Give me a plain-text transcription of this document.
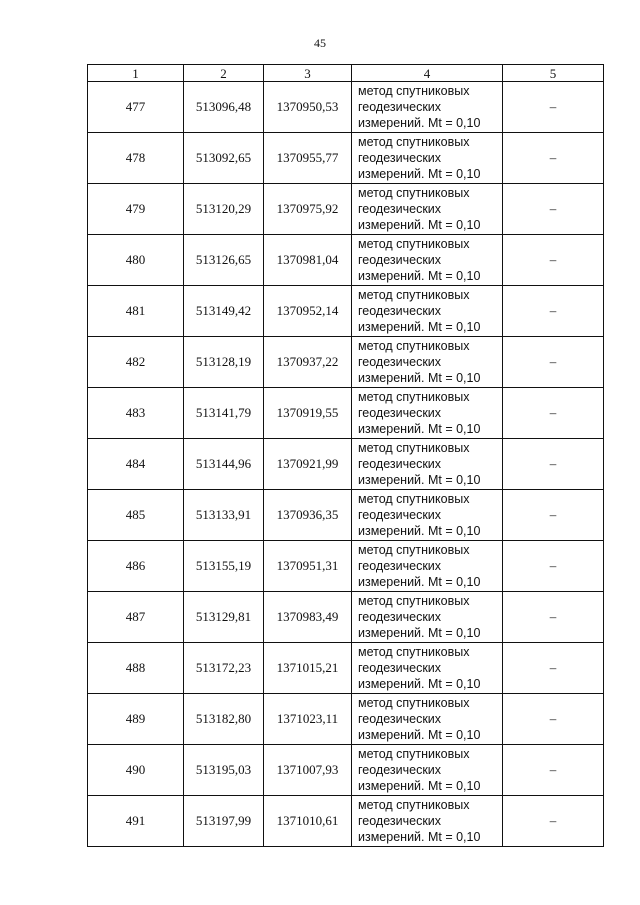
45
1	2	3	4	5
477	513096,48	1370950,53	метод спутниковых
геодезических
измерений. Mt = 0,10	–
478	513092,65	1370955,77	метод спутниковых
геодезических
измерений. Mt = 0,10	–
479	513120,29	1370975,92	метод спутниковых
геодезических
измерений. Mt = 0,10	–
480	513126,65	1370981,04	метод спутниковых
геодезических
измерений. Mt = 0,10	–
481	513149,42	1370952,14	метод спутниковых
геодезических
измерений. Mt = 0,10	–
482	513128,19	1370937,22	метод спутниковых
геодезических
измерений. Mt = 0,10	–
483	513141,79	1370919,55	метод спутниковых
геодезических
измерений. Mt = 0,10	–
484	513144,96	1370921,99	метод спутниковых
геодезических
измерений. Mt = 0,10	–
485	513133,91	1370936,35	метод спутниковых
геодезических
измерений. Mt = 0,10	–
486	513155,19	1370951,31	метод спутниковых
геодезических
измерений. Mt = 0,10	–
487	513129,81	1370983,49	метод спутниковых
геодезических
измерений. Mt = 0,10	–
488	513172,23	1371015,21	метод спутниковых
геодезических
измерений. Mt = 0,10	–
489	513182,80	1371023,11	метод спутниковых
геодезических
измерений. Mt = 0,10	–
490	513195,03	1371007,93	метод спутниковых
геодезических
измерений. Mt = 0,10	–
491	513197,99	1371010,61	метод спутниковых
геодезических
измерений. Mt = 0,10	–
